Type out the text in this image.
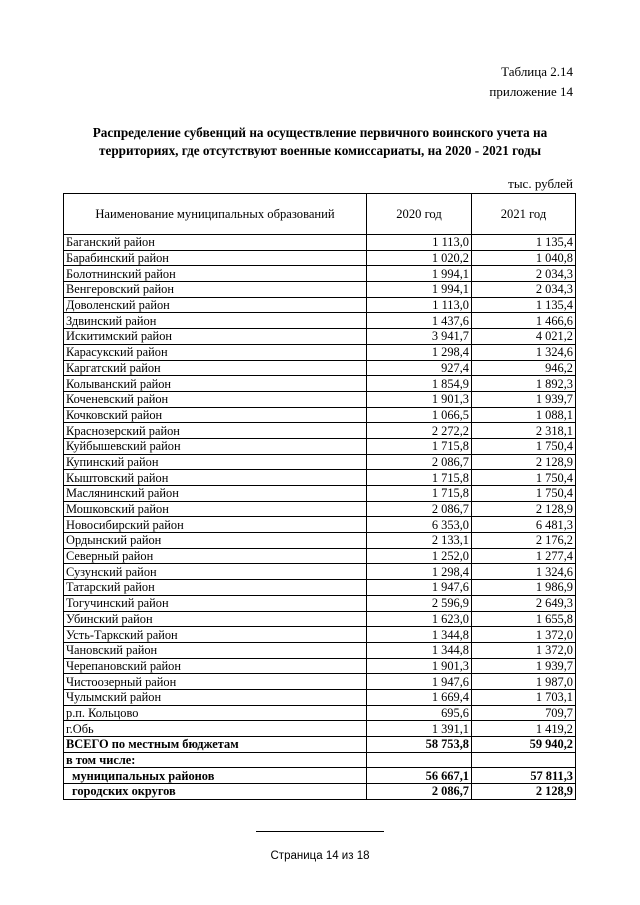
Таблица 2.14
приложение 14
Распределение субвенций на осуществление первичного воинского учета на
территориях, где отсутствуют военные комиссариаты, на 2020 - 2021 годы
тыс. рублей
Наименование муниципальных образований	2020 год	2021 год
Баганский район	1 113,0	1 135,4
Барабинский район	1 020,2	1 040,8
Болотнинский район	1 994,1	2 034,3
Венгеровский район	1 994,1	2 034,3
Доволенский район	1 113,0	1 135,4
Здвинский район	1 437,6	1 466,6
Искитимский район	3 941,7	4 021,2
Карасукский район	1 298,4	1 324,6
Каргатский район	927,4	946,2
Колыванский район	1 854,9	1 892,3
Коченевский район	1 901,3	1 939,7
Кочковский район	1 066,5	1 088,1
Краснозерский район	2 272,2	2 318,1
Куйбышевский район	1 715,8	1 750,4
Купинский район	2 086,7	2 128,9
Кыштовский район	1 715,8	1 750,4
Маслянинский район	1 715,8	1 750,4
Мошковский район	2 086,7	2 128,9
Новосибирский район	6 353,0	6 481,3
Ордынский район	2 133,1	2 176,2
Северный район	1 252,0	1 277,4
Сузунский район	1 298,4	1 324,6
Татарский район	1 947,6	1 986,9
Тогучинский район	2 596,9	2 649,3
Убинский район	1 623,0	1 655,8
Усть-Таркский район	1 344,8	1 372,0
Чановский район	1 344,8	1 372,0
Черепановский район	1 901,3	1 939,7
Чистоозерный район	1 947,6	1 987,0
Чулымский район	1 669,4	1 703,1
р.п. Кольцово	695,6	709,7
г.Обь	1 391,1	1 419,2
ВСЕГО по местным бюджетам	58 753,8	59 940,2
в том числе:		
муниципальных районов	56 667,1	57 811,3
городских округов	2 086,7	2 128,9
Страница 14 из 18
